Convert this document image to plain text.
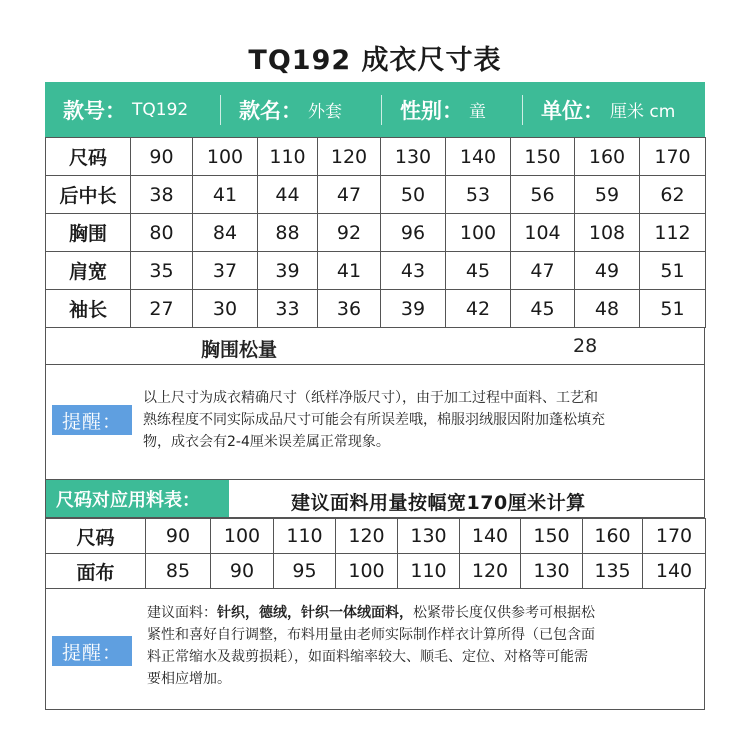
TQ192 成衣尺寸表
款号： TQ192 款名： 外套	性别： 童	单位： 厘米 cm
尺码	90	100	110	120	130	140	150	160	170
后中长	38	41	44	47	50	53	56	59	62
胸围	80	84	88	92	96	100	104	108	112
肩宽	35	37	39	41	43	45	47	49	51
袖长	27	30	33	36	39	42	45	48	51
胸围松量	28
提醒：
以上尺寸为成衣精确尺寸（纸样净版尺寸），由于加工过程中面料、工艺和
熟练程度不同实际成品尺寸可能会有所误差哦，棉服羽绒服因附加蓬松填充
物，成衣会有2-4厘米误差属正常现象。
尺码对应用料表：	建议面料用量按幅宽170厘米计算
尺码	90	100	110	120	130	140	150	160	170
面布	85	90	95	100	110	120	130	135	140
提醒：
建议面料：针织，德绒，针织一体绒面料，松紧带长度仅供参考可根据松
紧性和喜好自行调整，布料用量由老师实际制作样衣计算所得（已包含面
料正常缩水及裁剪损耗），如面料缩率较大、顺毛、定位、对格等可能需
要相应增加。
